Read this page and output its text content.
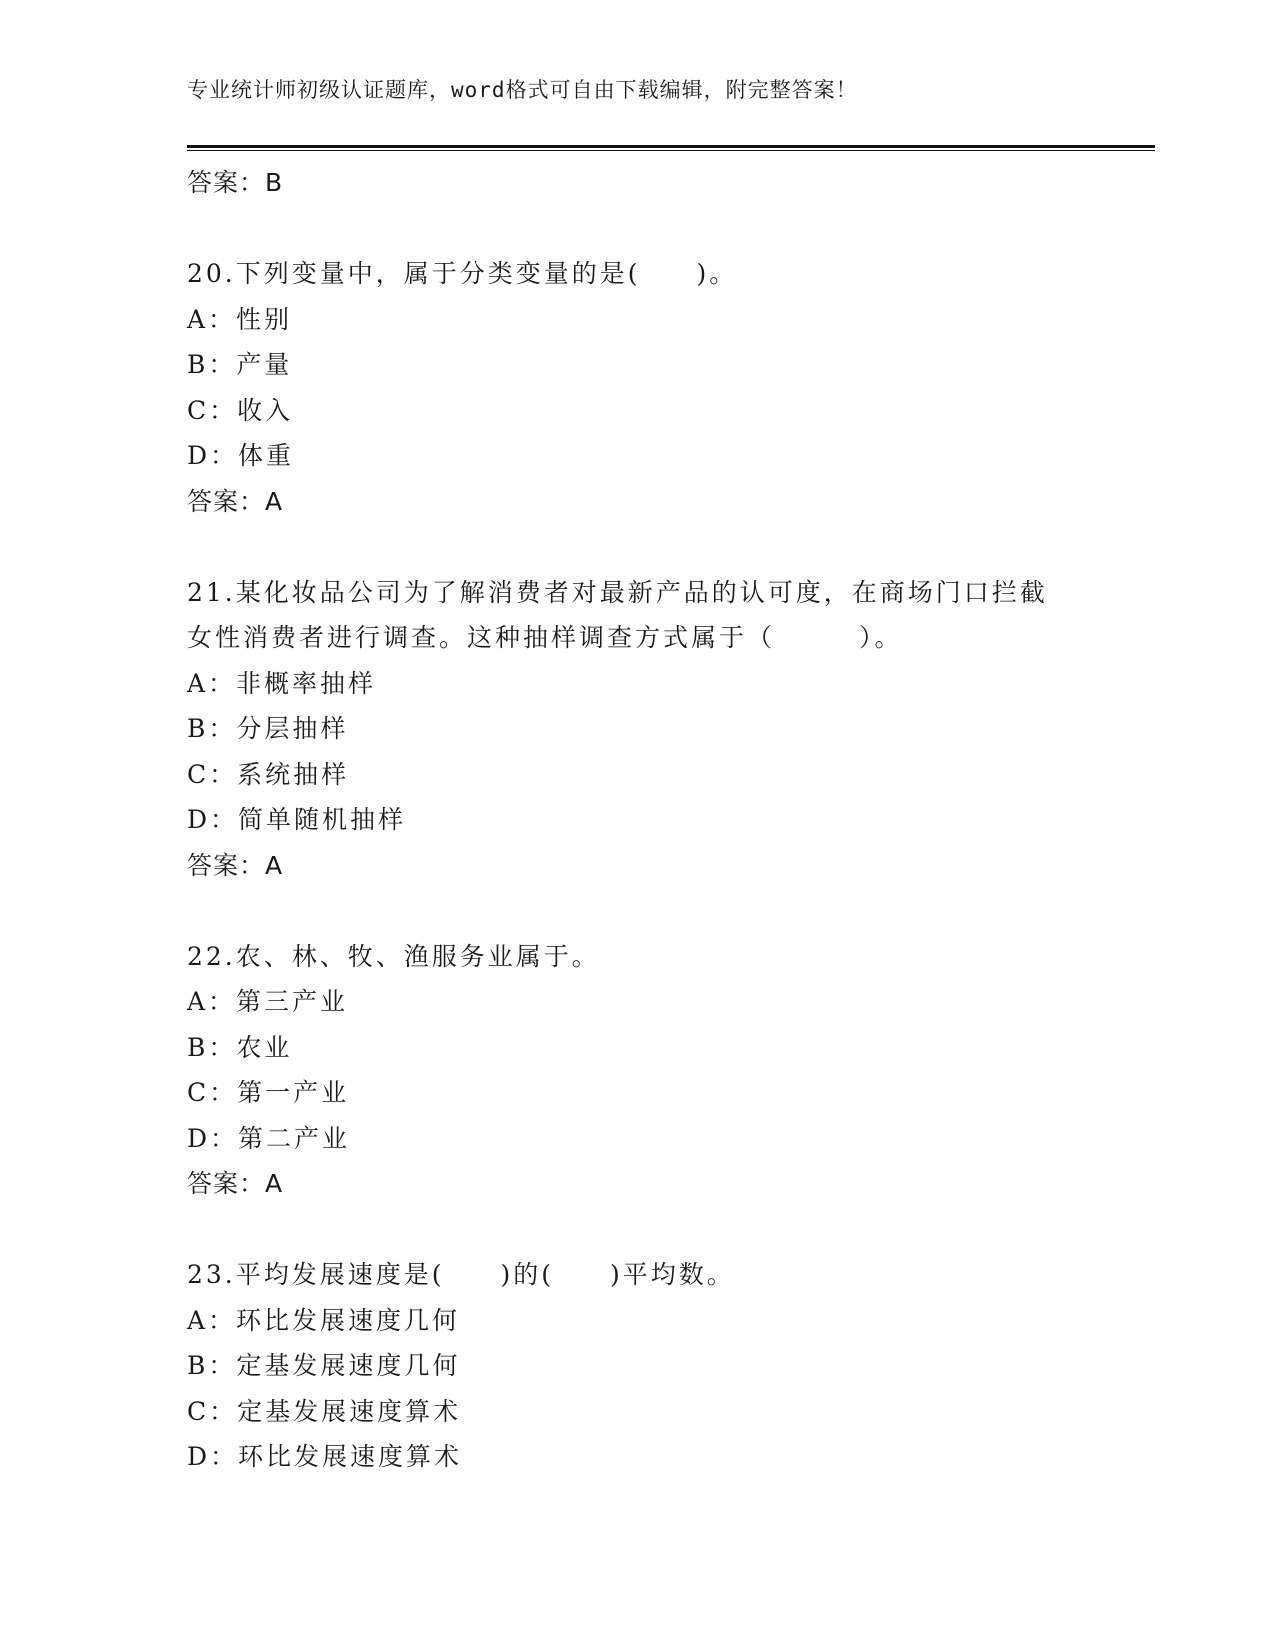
专业统计师初级认证题库，word格式可自由下载编辑，附完整答案！
答案：B
20.下列变量中，属于分类变量的是(　　)。
A：性别
B：产量
C：收入
D：体重
答案：A
21.某化妆品公司为了解消费者对最新产品的认可度，在商场门口拦截
女性消费者进行调查。这种抽样调查方式属于（　　　）。
A：非概率抽样
B：分层抽样
C：系统抽样
D：简单随机抽样
答案：A
22.农、林、牧、渔服务业属于。
A：第三产业
B：农业
C：第一产业
D：第二产业
答案：A
23.平均发展速度是(　　)的(　　)平均数。
A：环比发展速度几何
B：定基发展速度几何
C：定基发展速度算术
D：环比发展速度算术
